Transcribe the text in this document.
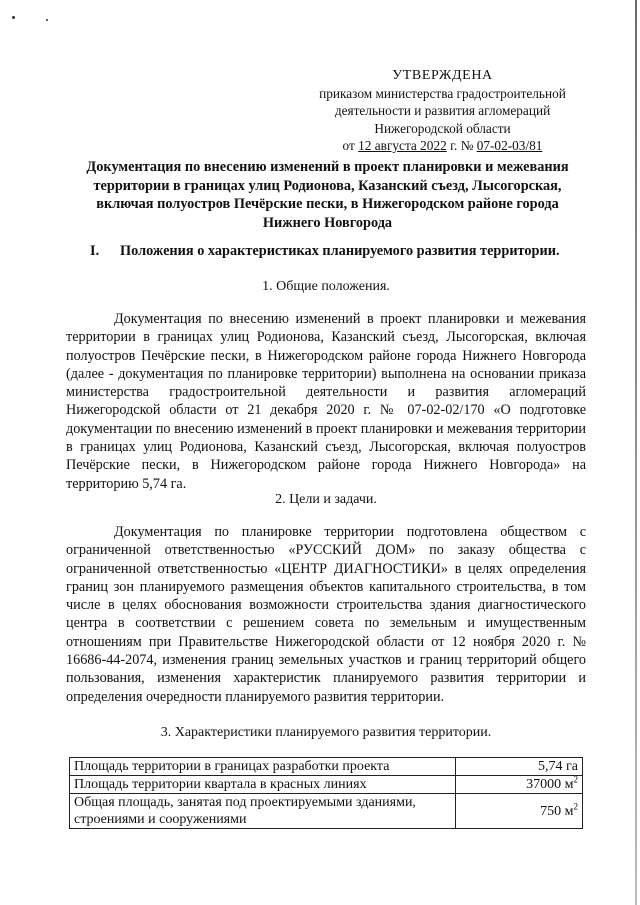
УТВЕРЖДЕНА
приказом министерства градостроительной
деятельности и развития агломераций
Нижегородской области
от 12 августа 2022 г. № 07-02-03/81
Документация по внесению изменений в проект планировки и межевания территории в границах улиц Родионова, Казанский съезд, Лысогорская, включая полуостров Печёрские пески, в Нижегородском районе города Нижнего Новгорода
I. Положения о характеристиках планируемого развития территории.
1. Общие положения.
Документация по внесению изменений в проект планировки и межевания территории в границах улиц Родионова, Казанский съезд, Лысогорская, включая полуостров Печёрские пески, в Нижегородском районе города Нижнего Новгорода (далее - документация по планировке территории) выполнена на основании приказа министерства градостроительной деятельности и развития агломераций Нижегородской области от 21 декабря 2020 г. № 07-02-02/170 «О подготовке документации по внесению изменений в проект планировки и межевания территории в границах улиц Родионова, Казанский съезд, Лысогорская, включая полуостров Печёрские пески, в Нижегородском районе города Нижнего Новгорода» на территорию 5,74 га.
2. Цели и задачи.
Документация по планировке территории подготовлена обществом с ограниченной ответственностью «РУССКИЙ ДОМ» по заказу общества с ограниченной ответственностью «ЦЕНТР ДИАГНОСТИКИ» в целях определения границ зон планируемого размещения объектов капитального строительства, в том числе в целях обоснования возможности строительства здания диагностического центра в соответствии с решением совета по земельным и имущественным отношениям при Правительстве Нижегородской области от 12 ноября 2020 г. № 16686-44-2074, изменения границ земельных участков и границ территорий общего пользования, изменения характеристик планируемого развития территории и определения очередности планируемого развития территории.
3. Характеристики планируемого развития территории.
Площадь территории в границах разработки проекта	5,74 га
Площадь территории квартала в красных линиях	37000 $м^2$
Общая площадь, занятая под проектируемыми зданиями, строениями и сооружениями	750 $м^2$
